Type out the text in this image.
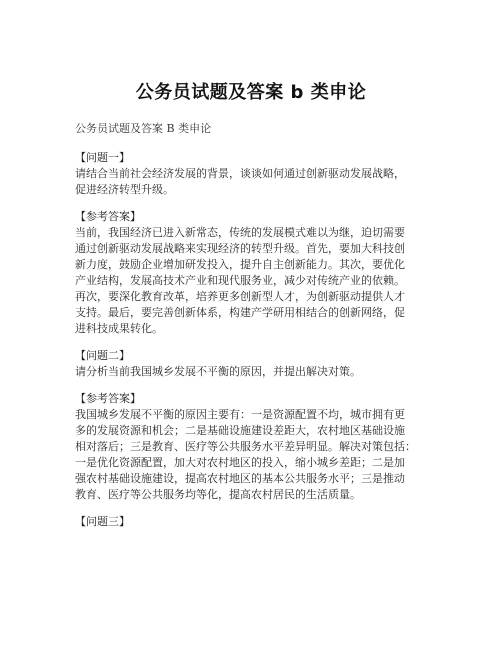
公务员试题及答案 b 类申论

公务员试题及答案 B 类申论

【问题一】

请结合当前社会经济发展的背景，谈谈如何通过创新驱动发展战略，

促进经济转型升级。

【参考答案】

当前，我国经济已进入新常态，传统的发展模式难以为继，迫切需要

通过创新驱动发展战略来实现经济的转型升级。首先，要加大科技创

新力度，鼓励企业增加研发投入，提升自主创新能力。其次，要优化

产业结构，发展高技术产业和现代服务业，减少对传统产业的依赖。

再次，要深化教育改革，培养更多创新型人才，为创新驱动提供人才

支持。最后，要完善创新体系，构建产学研用相结合的创新网络，促

进科技成果转化。

【问题二】

请分析当前我国城乡发展不平衡的原因，并提出解决对策。

【参考答案】

我国城乡发展不平衡的原因主要有：一是资源配置不均，城市拥有更

多的发展资源和机会；二是基础设施建设差距大，农村地区基础设施

相对落后；三是教育、医疗等公共服务水平差异明显。解决对策包括：

一是优化资源配置，加大对农村地区的投入，缩小城乡差距；二是加

强农村基础设施建设，提高农村地区的基本公共服务水平；三是推动

教育、医疗等公共服务均等化，提高农村居民的生活质量。

【问题三】
